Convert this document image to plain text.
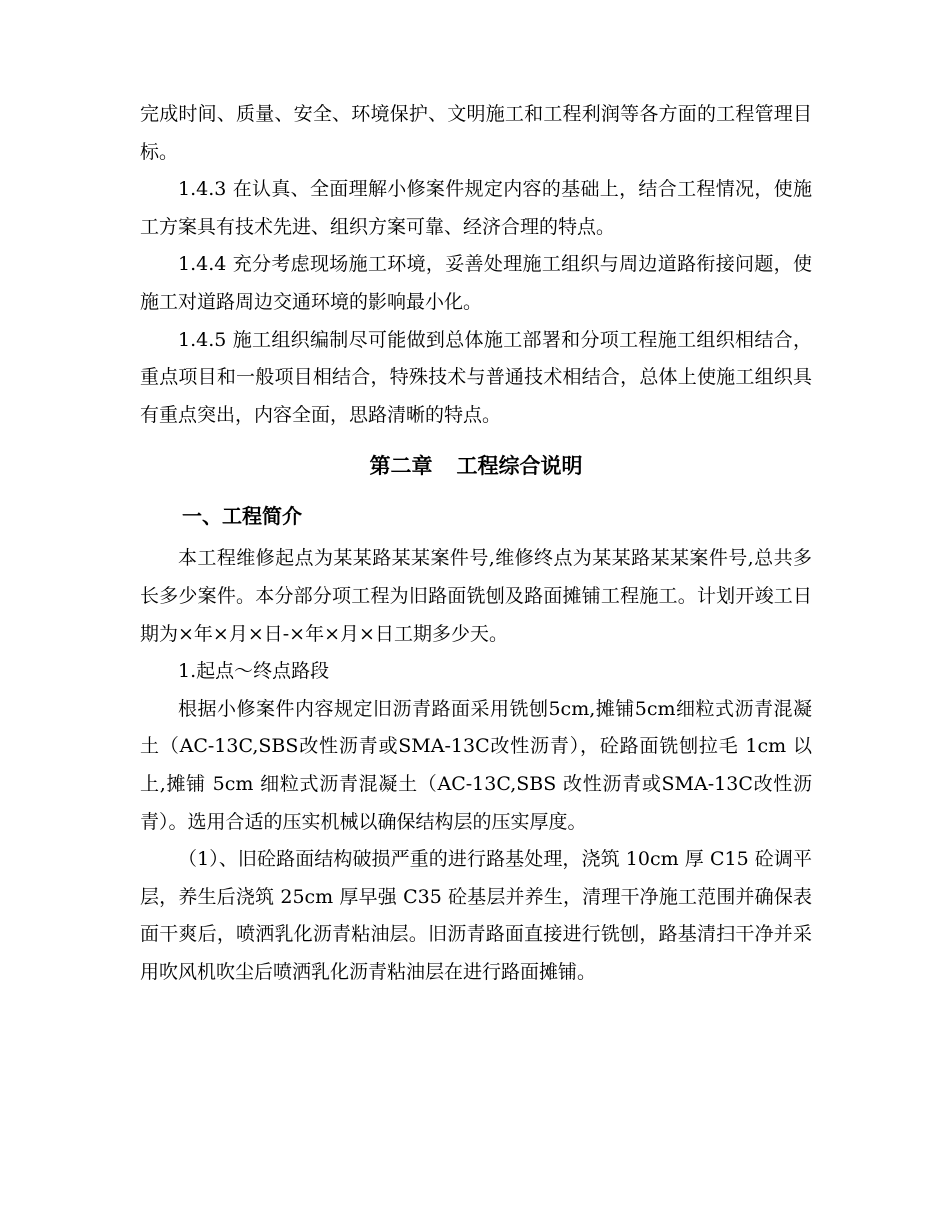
完成时间、质量、安全、环境保护、文明施工和工程利润等各方面的工程管理目标。

1.4.3 在认真、全面理解小修案件规定内容的基础上，结合工程情况，使施工方案具有技术先进、组织方案可靠、经济合理的特点。

1.4.4 充分考虑现场施工环境，妥善处理施工组织与周边道路衔接问题，使施工对道路周边交通环境的影响最小化。

1.4.5 施工组织编制尽可能做到总体施工部署和分项工程施工组织相结合，重点项目和一般项目相结合，特殊技术与普通技术相结合，总体上使施工组织具有重点突出，内容全面，思路清晰的特点。

第二章 工程综合说明
一、工程简介

本工程维修起点为某某路某某案件号,维修终点为某某路某某案件号,总共多长多少案件。本分部分项工程为旧路面铣刨及路面摊铺工程施工。计划开竣工日期为×年×月×日-×年×月×日工期多少天。

1.起点～终点路段

根据小修案件内容规定旧沥青路面采用铣刨5cm,摊铺5cm细粒式沥青混凝土（AC-13C,SBS改性沥青或SMA-13C改性沥青），砼路面铣刨拉毛 1cm 以上,摊铺 5cm 细粒式沥青混凝土（AC-13C,SBS 改性沥青或SMA-13C改性沥青）。选用合适的压实机械以确保结构层的压实厚度。

（1）、旧砼路面结构破损严重的进行路基处理，浇筑 10cm 厚 C15 砼调平层，养生后浇筑 25cm 厚早强 C35 砼基层并养生，清理干净施工范围并确保表面干爽后，喷洒乳化沥青粘油层。旧沥青路面直接进行铣刨，路基清扫干净并采用吹风机吹尘后喷洒乳化沥青粘油层在进行路面摊铺。
